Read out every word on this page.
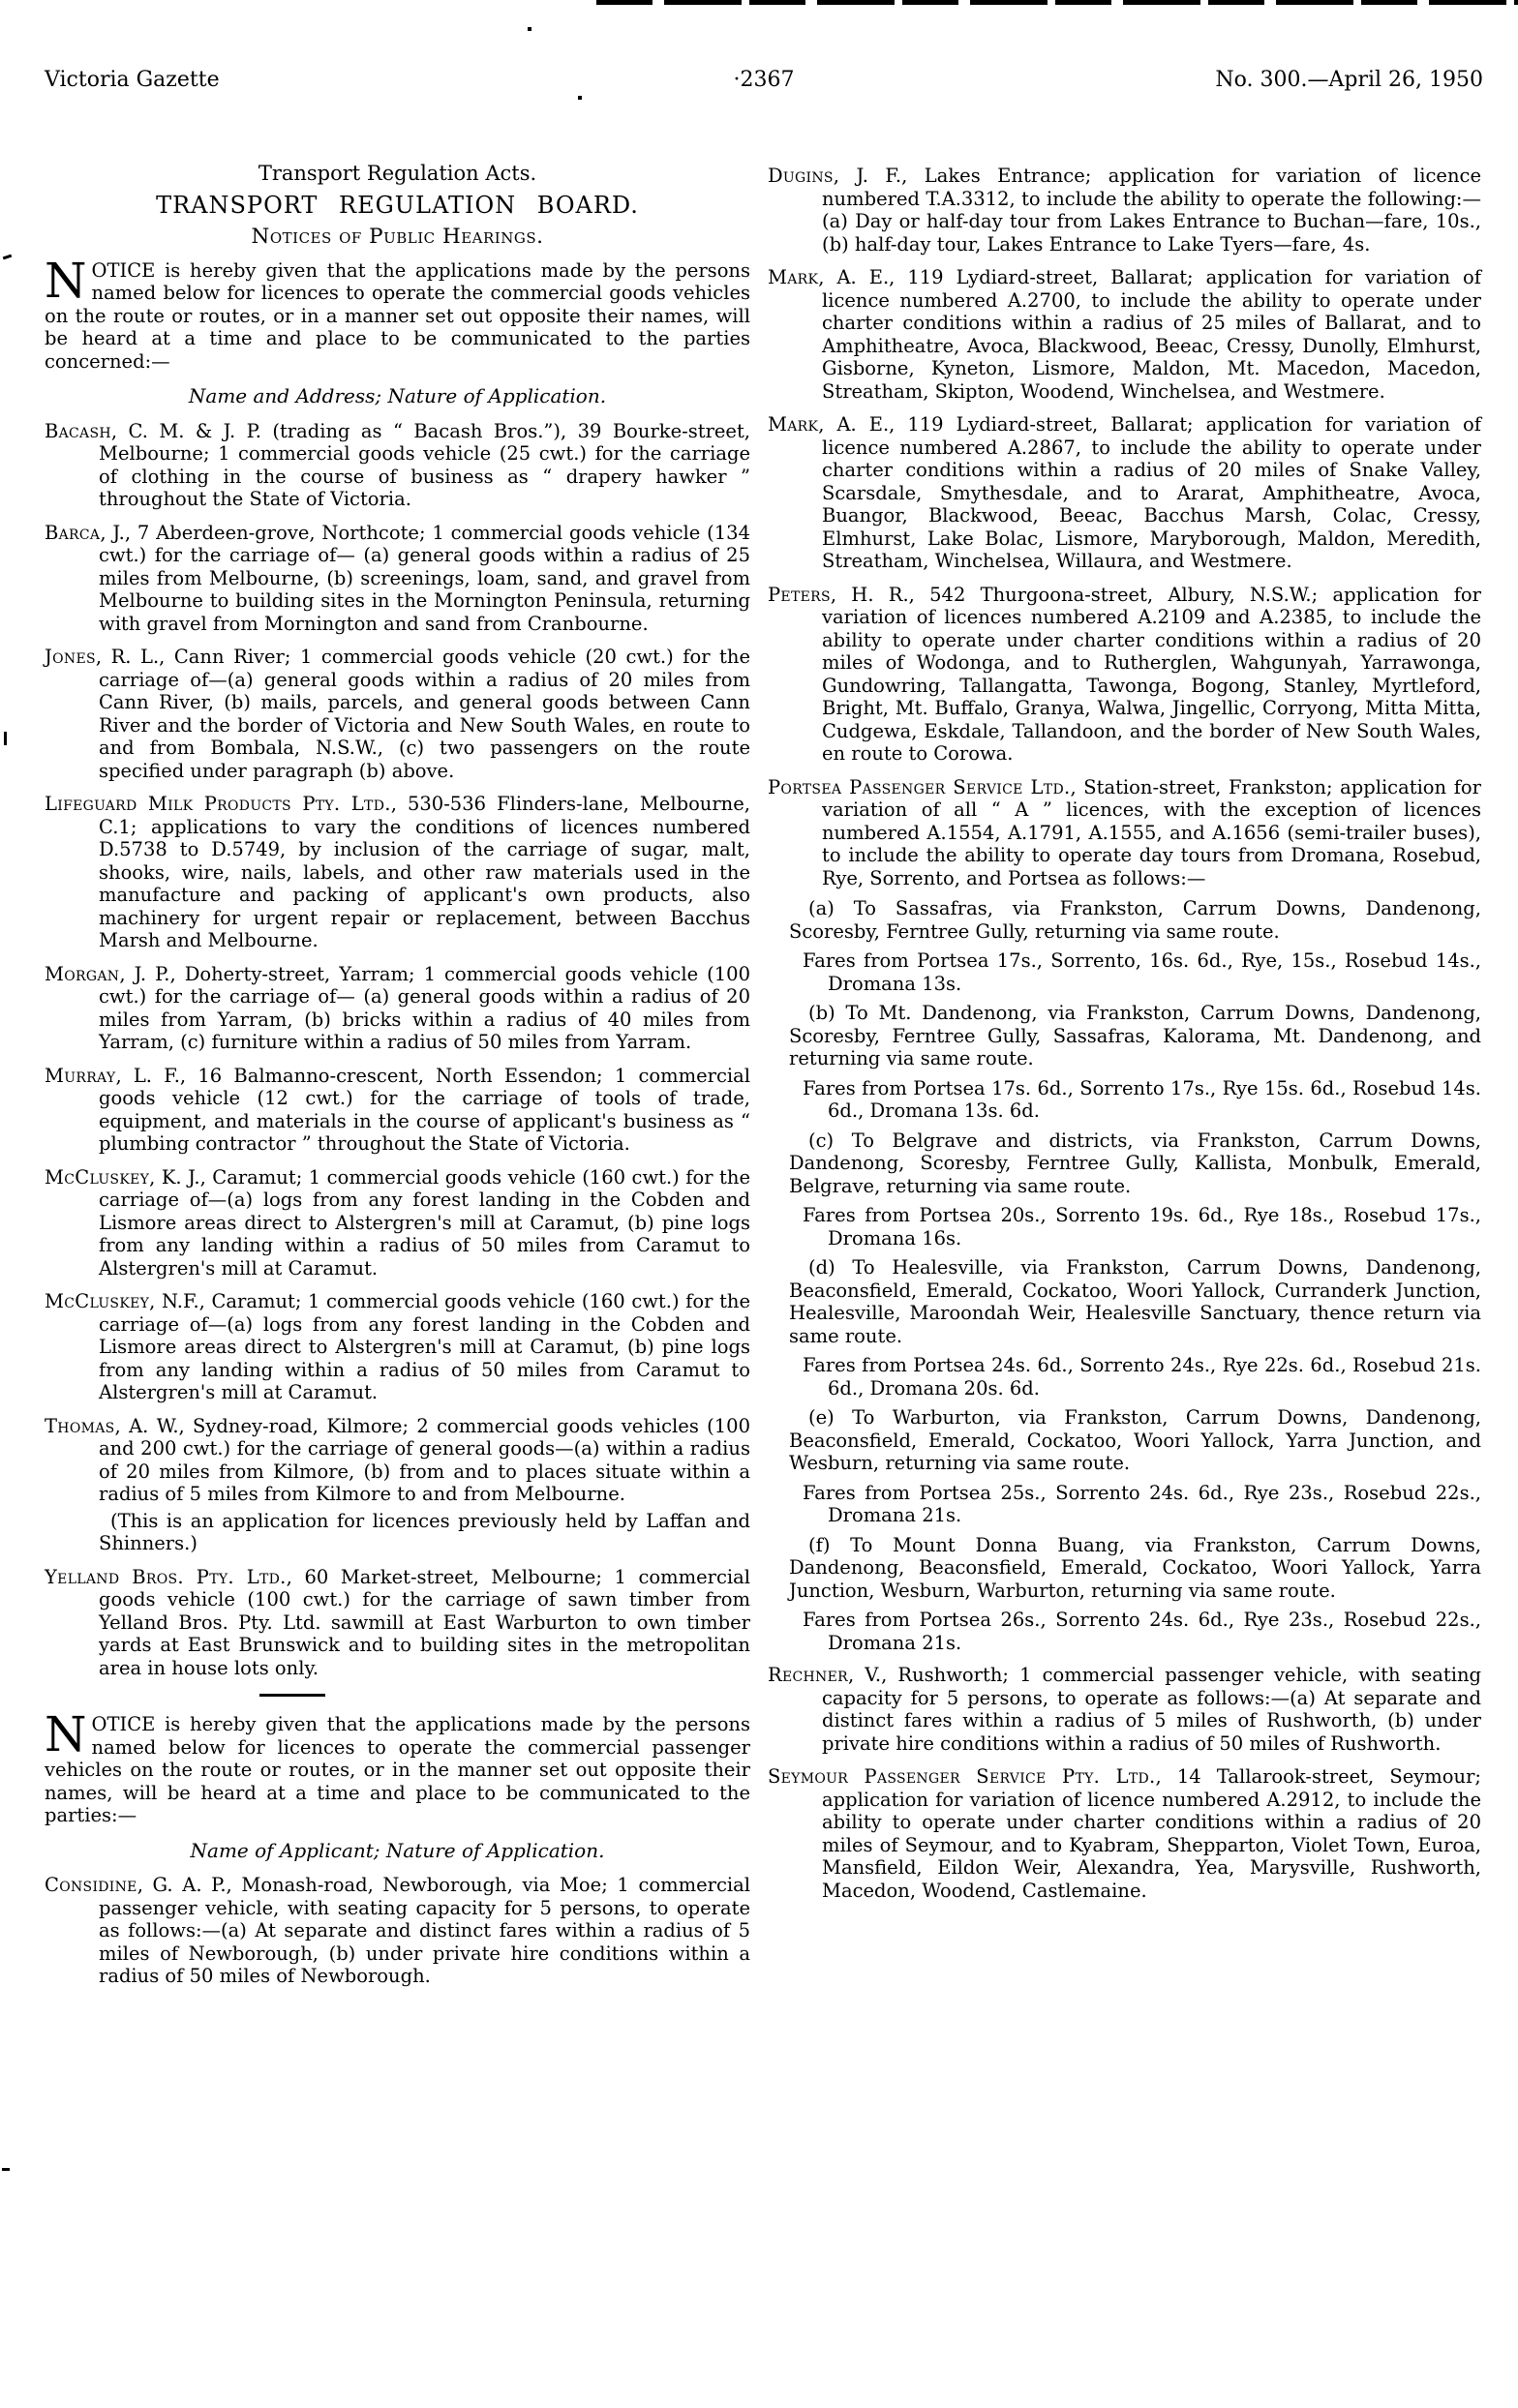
Victoria Gazette	·2367	No. 300.—April 26, 1950

Transport Regulation Acts.

TRANSPORT REGULATION BOARD.

Notices of Public Hearings.

NOTICE is hereby given that the applications made by the persons named below for licences to operate the commercial goods vehicles on the route or routes, or in a manner set out opposite their names, will be heard at a time and place to be communicated to the parties concerned:—

Name and Address; Nature of Application.

Bacash, C. M. & J. P. (trading as “ Bacash Bros.”), 39 Bourke-street, Melbourne; 1 commercial goods vehicle (25 cwt.) for the carriage of clothing in the course of business as “ drapery hawker ” throughout the State of Victoria.

Barca, J., 7 Aberdeen-grove, Northcote; 1 commercial goods vehicle (134 cwt.) for the carriage of— (a) general goods within a radius of 25 miles from Melbourne, (b) screenings, loam, sand, and gravel from Melbourne to building sites in the Mornington Peninsula, returning with gravel from Mornington and sand from Cranbourne.

Jones, R. L., Cann River; 1 commercial goods vehicle (20 cwt.) for the carriage of—(a) general goods within a radius of 20 miles from Cann River, (b) mails, parcels, and general goods between Cann River and the border of Victoria and New South Wales, en route to and from Bombala, N.S.W., (c) two passengers on the route specified under paragraph (b) above.

Lifeguard Milk Products Pty. Ltd., 530-536 Flinders-lane, Melbourne, C.1; applications to vary the conditions of licences numbered D.5738 to D.5749, by inclusion of the carriage of sugar, malt, shooks, wire, nails, labels, and other raw materials used in the manufacture and packing of applicant's own products, also machinery for urgent repair or replacement, between Bacchus Marsh and Melbourne.

Morgan, J. P., Doherty-street, Yarram; 1 commercial goods vehicle (100 cwt.) for the carriage of— (a) general goods within a radius of 20 miles from Yarram, (b) bricks within a radius of 40 miles from Yarram, (c) furniture within a radius of 50 miles from Yarram.

Murray, L. F., 16 Balmanno-crescent, North Essendon; 1 commercial goods vehicle (12 cwt.) for the carriage of tools of trade, equipment, and materials in the course of applicant's business as “ plumbing contractor ” throughout the State of Victoria.

McCluskey, K. J., Caramut; 1 commercial goods vehicle (160 cwt.) for the carriage of—(a) logs from any forest landing in the Cobden and Lismore areas direct to Alstergren's mill at Caramut, (b) pine logs from any landing within a radius of 50 miles from Caramut to Alstergren's mill at Caramut.

McCluskey, N.F., Caramut; 1 commercial goods vehicle (160 cwt.) for the carriage of—(a) logs from any forest landing in the Cobden and Lismore areas direct to Alstergren's mill at Caramut, (b) pine logs from any landing within a radius of 50 miles from Caramut to Alstergren's mill at Caramut.

Thomas, A. W., Sydney-road, Kilmore; 2 commercial goods vehicles (100 and 200 cwt.) for the carriage of general goods—(a) within a radius of 20 miles from Kilmore, (b) from and to places situate within a radius of 5 miles from Kilmore to and from Melbourne.

(This is an application for licences previously held by Laffan and Shinners.)

Yelland Bros. Pty. Ltd., 60 Market-street, Melbourne; 1 commercial goods vehicle (100 cwt.) for the carriage of sawn timber from Yelland Bros. Pty. Ltd. sawmill at East Warburton to own timber yards at East Brunswick and to building sites in the metropolitan area in house lots only.

NOTICE is hereby given that the applications made by the persons named below for licences to operate the commercial passenger vehicles on the route or routes, or in the manner set out opposite their names, will be heard at a time and place to be communicated to the parties:—

Name of Applicant; Nature of Application.

Considine, G. A. P., Monash-road, Newborough, via Moe; 1 commercial passenger vehicle, with seating capacity for 5 persons, to operate as follows:—(a) At separate and distinct fares within a radius of 5 miles of Newborough, (b) under private hire conditions within a radius of 50 miles of Newborough.

Dugins, J. F., Lakes Entrance; application for variation of licence numbered T.A.3312, to include the ability to operate the following:—(a) Day or half-day tour from Lakes Entrance to Buchan—fare, 10s., (b) half-day tour, Lakes Entrance to Lake Tyers—fare, 4s.

Mark, A. E., 119 Lydiard-street, Ballarat; application for variation of licence numbered A.2700, to include the ability to operate under charter conditions within a radius of 25 miles of Ballarat, and to Amphitheatre, Avoca, Blackwood, Beeac, Cressy, Dunolly, Elmhurst, Gisborne, Kyneton, Lismore, Maldon, Mt. Macedon, Macedon, Streatham, Skipton, Woodend, Winchelsea, and Westmere.

Mark, A. E., 119 Lydiard-street, Ballarat; application for variation of licence numbered A.2867, to include the ability to operate under charter conditions within a radius of 20 miles of Snake Valley, Scarsdale, Smythesdale, and to Ararat, Amphitheatre, Avoca, Buangor, Blackwood, Beeac, Bacchus Marsh, Colac, Cressy, Elmhurst, Lake Bolac, Lismore, Maryborough, Maldon, Meredith, Streatham, Winchelsea, Willaura, and Westmere.

Peters, H. R., 542 Thurgoona-street, Albury, N.S.W.; application for variation of licences numbered A.2109 and A.2385, to include the ability to operate under charter conditions within a radius of 20 miles of Wodonga, and to Rutherglen, Wahgunyah, Yarrawonga, Gundowring, Tallangatta, Tawonga, Bogong, Stanley, Myrtleford, Bright, Mt. Buffalo, Granya, Walwa, Jingellic, Corryong, Mitta Mitta, Cudgewa, Eskdale, Tallandoon, and the border of New South Wales, en route to Corowa.

Portsea Passenger Service Ltd., Station-street, Frankston; application for variation of all “ A ” licences, with the exception of licences numbered A.1554, A.1791, A.1555, and A.1656 (semi-trailer buses), to include the ability to operate day tours from Dromana, Rosebud, Rye, Sorrento, and Portsea as follows:—

(a) To Sassafras, via Frankston, Carrum Downs, Dandenong, Scoresby, Ferntree Gully, returning via same route.

Fares from Portsea 17s., Sorrento, 16s. 6d., Rye, 15s., Rosebud 14s., Dromana 13s.

(b) To Mt. Dandenong, via Frankston, Carrum Downs, Dandenong, Scoresby, Ferntree Gully, Sassafras, Kalorama, Mt. Dandenong, and returning via same route.

Fares from Portsea 17s. 6d., Sorrento 17s., Rye 15s. 6d., Rosebud 14s. 6d., Dromana 13s. 6d.

(c) To Belgrave and districts, via Frankston, Carrum Downs, Dandenong, Scoresby, Ferntree Gully, Kallista, Monbulk, Emerald, Belgrave, returning via same route.

Fares from Portsea 20s., Sorrento 19s. 6d., Rye 18s., Rosebud 17s., Dromana 16s.

(d) To Healesville, via Frankston, Carrum Downs, Dandenong, Beaconsfield, Emerald, Cockatoo, Woori Yallock, Curranderk Junction, Healesville, Maroondah Weir, Healesville Sanctuary, thence return via same route.

Fares from Portsea 24s. 6d., Sorrento 24s., Rye 22s. 6d., Rosebud 21s. 6d., Dromana 20s. 6d.

(e) To Warburton, via Frankston, Carrum Downs, Dandenong, Beaconsfield, Emerald, Cockatoo, Woori Yallock, Yarra Junction, and Wesburn, returning via same route.

Fares from Portsea 25s., Sorrento 24s. 6d., Rye 23s., Rosebud 22s., Dromana 21s.

(f) To Mount Donna Buang, via Frankston, Carrum Downs, Dandenong, Beaconsfield, Emerald, Cockatoo, Woori Yallock, Yarra Junction, Wesburn, Warburton, returning via same route.

Fares from Portsea 26s., Sorrento 24s. 6d., Rye 23s., Rosebud 22s., Dromana 21s.

Rechner, V., Rushworth; 1 commercial passenger vehicle, with seating capacity for 5 persons, to operate as follows:—(a) At separate and distinct fares within a radius of 5 miles of Rushworth, (b) under private hire conditions within a radius of 50 miles of Rushworth.

Seymour Passenger Service Pty. Ltd., 14 Tallarook-street, Seymour; application for variation of licence numbered A.2912, to include the ability to operate under charter conditions within a radius of 20 miles of Seymour, and to Kyabram, Shepparton, Violet Town, Euroa, Mansfield, Eildon Weir, Alexandra, Yea, Marysville, Rushworth, Macedon, Woodend, Castlemaine.
